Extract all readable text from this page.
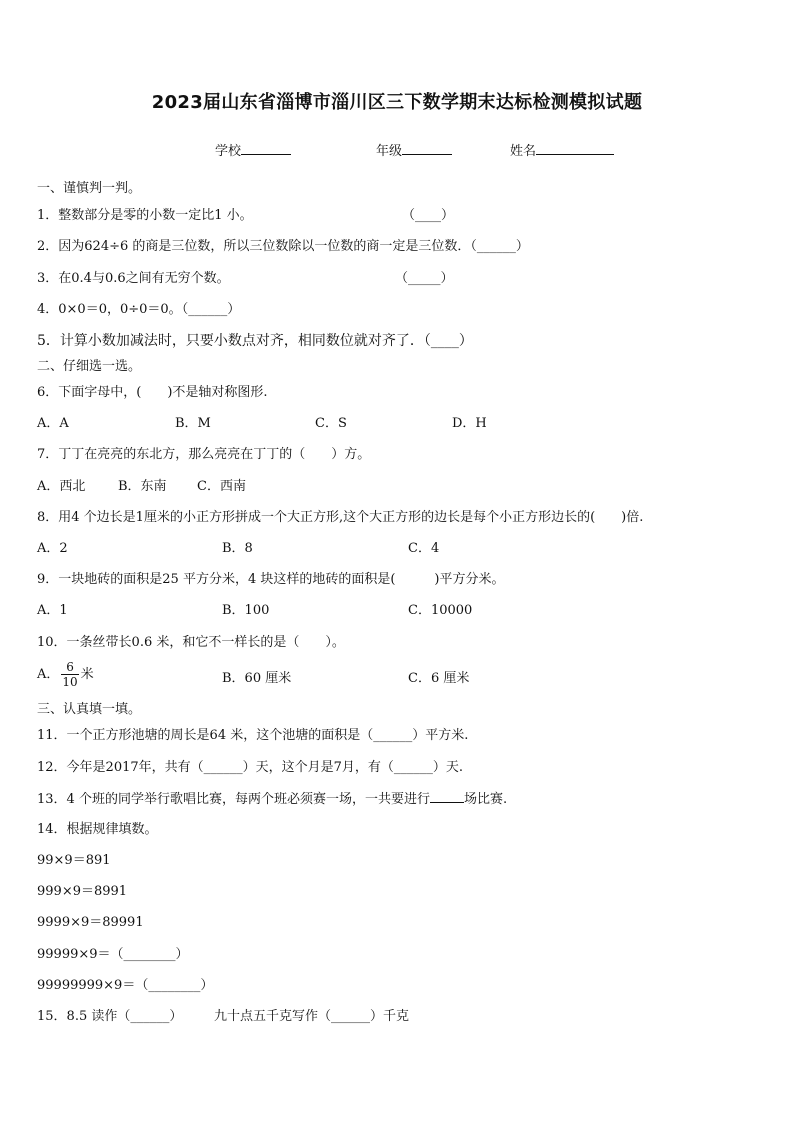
2023届山东省淄博市淄川区三下数学期末达标检测模拟试题
学校	年级	姓名
一、谨慎判一判。
1．整数部分是零的小数一定比1 小。	（____）
2．因为624÷6 的商是三位数，所以三位数除以一位数的商一定是三位数．（______）
3．在0.4与0.6之间有无穷个数。	（_____）
4．0×0＝0，0÷0＝0。（______）
5．计算小数加减法时，只要小数点对齐，相同数位就对齐了．（____）
二、仔细选一选。
6．下面字母中，(　　)不是轴对称图形.
A．A	B．M	C．S	D．H
7．丁丁在亮亮的东北方，那么亮亮在丁丁的（　　）方。
A．西北	B．东南 C．西南
8．用4 个边长是1厘米的小正方形拼成一个大正方形,这个大正方形的边长是每个小正方形边长的(　　)倍.
A．2	B．8	C．4
9．一块地砖的面积是25 平方分米，4 块这样的地砖的面积是(　　　)平方分米。
A．1	B．100	C．10000
10．一条丝带长0.6 米，和它不一样长的是（　　）。
A． $\frac{6}{10}$ 米	B．60 厘米	C．6 厘米
三、认真填一填。
11．一个正方形池塘的周长是64 米，这个池塘的面积是（______）平方米.
12．今年是2017年，共有（______）天，这个月是7月，有（______）天.
13．4 个班的同学举行歌唱比赛，每两个班必须赛一场，一共要进行	场比赛.
14．根据规律填数。
99×9＝891
999×9＝8991
9999×9＝89991
99999×9＝（________）
99999999×9＝（________）
15．8.5 读作（______） 九十点五千克写作（______）千克
